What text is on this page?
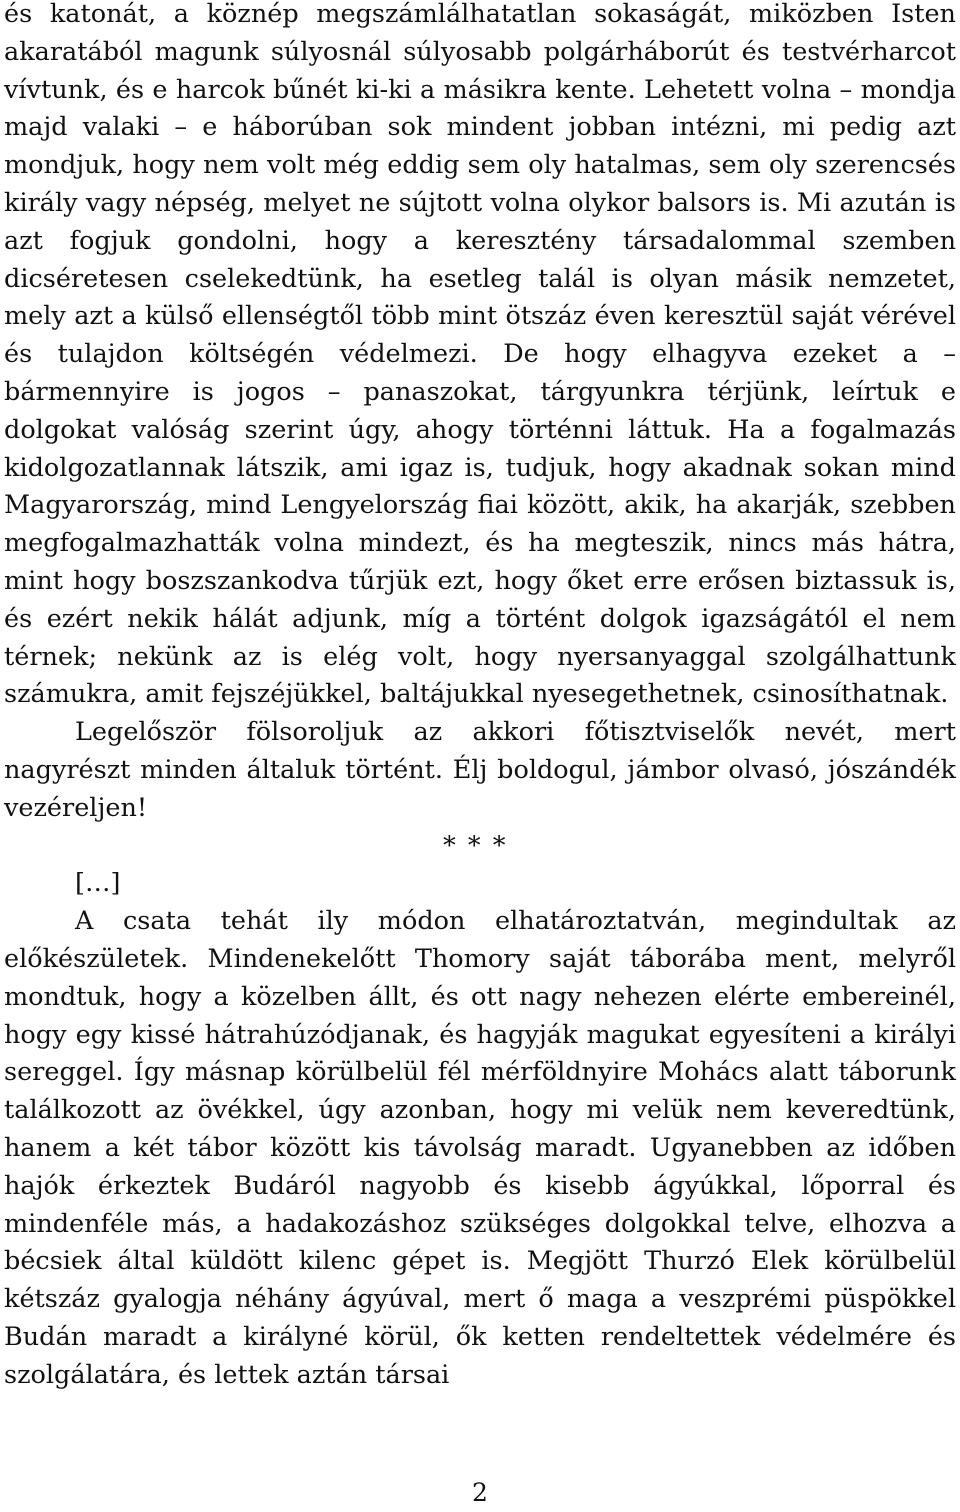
és katonát, a köznép megszámlálhatatlan sokaságát, miközben Isten akaratából magunk súlyosnál súlyosabb polgárháborút és testvérharcot vívtunk, és e harcok bűnét ki-ki a másikra kente. Lehetett volna – mondja majd valaki – e háborúban sok mindent jobban intézni, mi pedig azt mondjuk, hogy nem volt még eddig sem oly hatalmas, sem oly szerencsés király vagy népség, melyet ne sújtott volna olykor balsors is. Mi azután is azt fogjuk gondolni, hogy a keresztény társadalommal szemben dicséretesen cselekedtünk, ha esetleg talál is olyan másik nemzetet, mely azt a külső ellenségtől több mint ötszáz éven keresztül saját vérével és tulajdon költségén védelmezi. De hogy elhagyva ezeket a – bármennyire is jogos – panaszokat, tárgyunkra térjünk, leírtuk e dolgokat valóság szerint úgy, ahogy történni láttuk. Ha a fogalmazás kidolgozatlannak látszik, ami igaz is, tudjuk, hogy akadnak sokan mind Magyarország, mind Lengyelország fiai között, akik, ha akarják, szebben megfogalmazhatták volna mindezt, és ha megteszik, nincs más hátra, mint hogy boszszankodva tűrjük ezt, hogy őket erre erősen biztassuk is, és ezért nekik hálát adjunk, míg a történt dolgok igazságától el nem térnek; nekünk az is elég volt, hogy nyersanyaggal szolgálhattunk számukra, amit fejszéjükkel, baltájukkal nyesegethetnek, csinosíthatnak.

Legelőször fölsoroljuk az akkori főtisztviselők nevét, mert nagyrészt minden általuk történt. Élj boldogul, jámbor olvasó, jószándék vezéreljen!

* * *

[…]

A csata tehát ily módon elhatároztatván, megindultak az előkészületek. Mindenekelőtt Thomory saját táborába ment, melyről mondtuk, hogy a közelben állt, és ott nagy nehezen elérte embereinél, hogy egy kissé hátrahúzódjanak, és hagyják magukat egyesíteni a királyi sereggel. Így másnap körülbelül fél mérföldnyire Mohács alatt táborunk találkozott az övékkel, úgy azonban, hogy mi velük nem keveredtünk, hanem a két tábor között kis távolság maradt. Ugyanebben az időben hajók érkeztek Budáról nagyobb és kisebb ágyúkkal, lőporral és mindenféle más, a hadakozáshoz szükséges dolgokkal telve, elhozva a bécsiek által küldött kilenc gépet is. Megjött Thurzó Elek körülbelül kétszáz gyalogja néhány ágyúval, mert ő maga a veszprémi püspökkel Budán maradt a királyné körül, ők ketten rendeltettek védelmére és szolgálatára, és lettek aztán társai

2
